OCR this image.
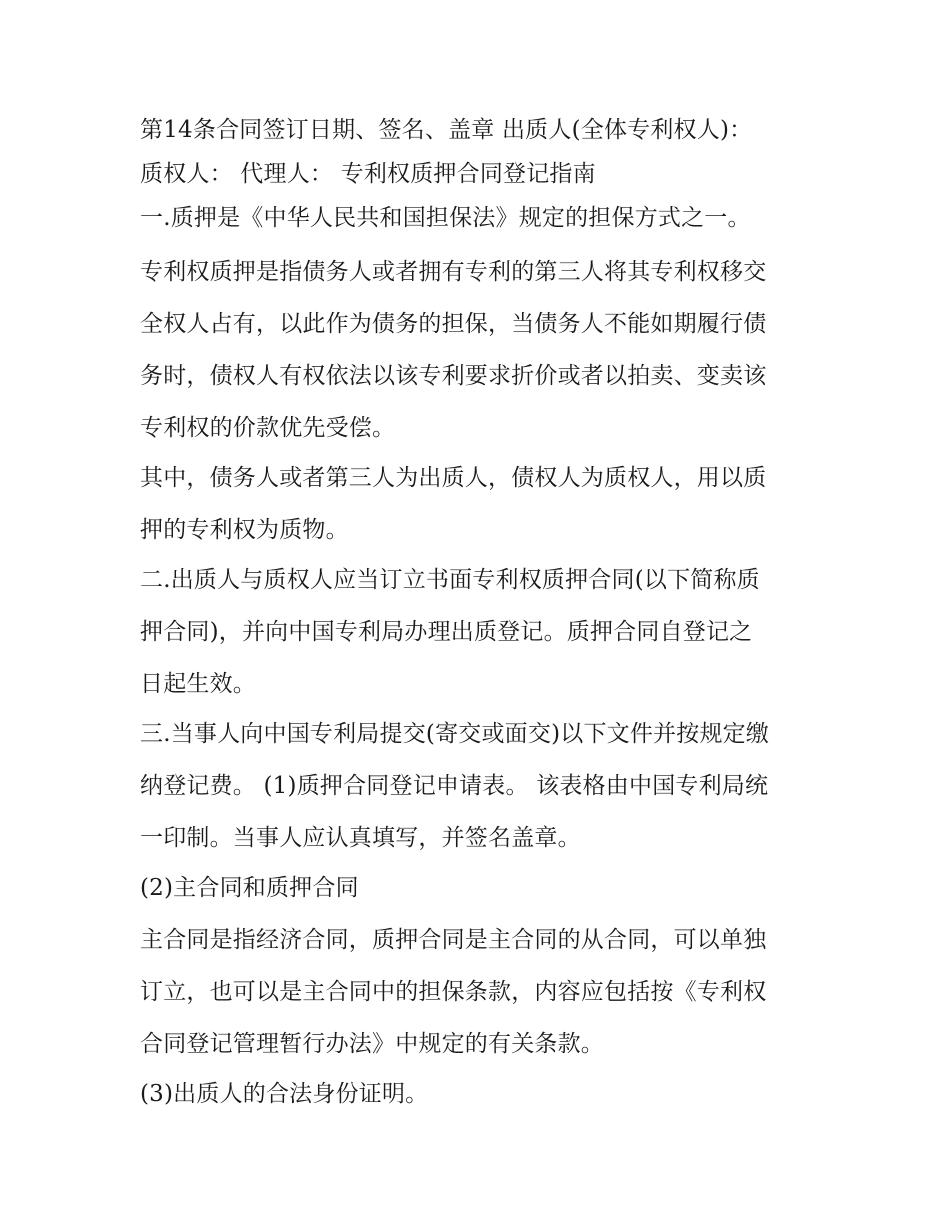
第14条合同签订日期、签名、盖章 出质人(全体专利权人)：
质权人： 代理人： 专利权质押合同登记指南
一.质押是《中华人民共和国担保法》规定的担保方式之一。
专利权质押是指债务人或者拥有专利的第三人将其专利权移交
全权人占有，以此作为债务的担保，当债务人不能如期履行债
务时，债权人有权依法以该专利要求折价或者以拍卖、变卖该
专利权的价款优先受偿。
其中，债务人或者第三人为出质人，债权人为质权人，用以质
押的专利权为质物。
二.出质人与质权人应当订立书面专利权质押合同(以下简称质
押合同)，并向中国专利局办理出质登记。质押合同自登记之
日起生效。
三.当事人向中国专利局提交(寄交或面交)以下文件并按规定缴
纳登记费。 (1)质押合同登记申请表。 该表格由中国专利局统
一印制。当事人应认真填写，并签名盖章。
(2)主合同和质押合同
主合同是指经济合同，质押合同是主合同的从合同，可以单独
订立，也可以是主合同中的担保条款，内容应包括按《专利权
合同登记管理暂行办法》中规定的有关条款。
(3)出质人的合法身份证明。
